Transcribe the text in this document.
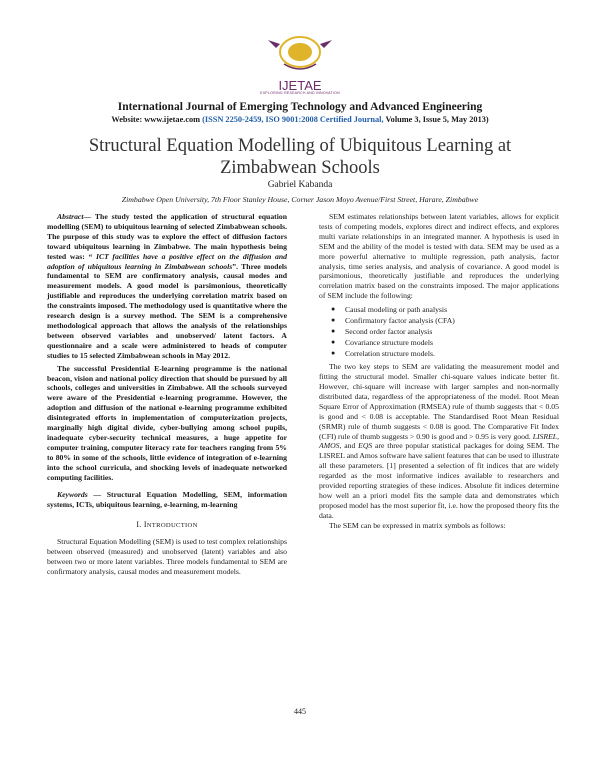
IJETAE
EXPLORING RESEARCH AND INNOVATION
International Journal of Emerging Technology and Advanced Engineering
Website: www.ijetae.com (ISSN 2250-2459, ISO 9001:2008 Certified Journal, Volume 3, Issue 5, May 2013)
Structural Equation Modelling of Ubiquitous Learning at Zimbabwean Schools
Gabriel Kabanda
Zimbabwe Open University, 7th Floor Stanley House, Corner Jason Moyo Avenue/First Street, Harare, Zimbabwe

Abstract— The study tested the application of structural equation modelling (SEM) to ubiquitous learning of selected Zimbabwean schools. The purpose of this study was to explore the effect of diffusion factors toward ubiquitous learning in Zimbabwe. The main hypothesis being tested was: “ ICT facilities have a positive effect on the diffusion and adoption of ubiquitous learning in Zimbabwean schools”. Three models fundamental to SEM are confirmatory analysis, causal modes and measurement models. A good model is parsimonious, theoretically justifiable and reproduces the underlying correlation matrix based on the constraints imposed. The methodology used is quantitative where the research design is a survey method. The SEM is a comprehensive methodological approach that allows the analysis of the relationships between observed variables and unobserved/ latent factors. A questionnaire and a scale were administered to heads of computer studies to 15 selected Zimbabwean schools in May 2012.

The successful Presidential E-learning programme is the national beacon, vision and national policy direction that should be pursued by all schools, colleges and universities in Zimbabwe. All the schools surveyed were aware of the Presidential e-learning programme. However, the adoption and diffusion of the national e-learning programme exhibited disintegrated efforts in implementation of computerization projects, marginally high digital divide, cyber-bullying among school pupils, inadequate cyber-security technical measures, a huge appetite for computer training, computer literacy rate for teachers ranging from 5% to 80% in some of the schools, little evidence of integration of e-learning into the school curricula, and shocking levels of inadequate networked computing facilities.

Keywords — Structural Equation Modelling, SEM, information systems, ICTs, ubiquitous learning, e-learning, m-learning

I. INTRODUCTION

Structural Equation Modelling (SEM) is used to test complex relationships between observed (measured) and unobserved (latent) variables and also between two or more latent variables. Three models fundamental to SEM are confirmatory analysis, causal modes and measurement models.

SEM estimates relationships between latent variables, allows for explicit tests of competing models, explores direct and indirect effects, and explores multi variate relationships in an integrated manner. A hypothesis is used in SEM and the ability of the model is tested with data. SEM may be used as a more powerful alternative to multiple regression, path analysis, factor analysis, time series analysis, and analysis of covariance. A good model is parsimonious, theoretically justifiable and reproduces the underlying correlation matrix based on the constraints imposed. The major applications of SEM include the following:

● Causal modeling or path analysis
● Confirmatory factor analysis (CFA)
● Second order factor analysis
● Covariance structure models
● Correlation structure models.

The two key steps to SEM are validating the measurement model and fitting the structural model. Smaller chi-square values indicate better fit. However, chi-square will increase with larger samples and non-normally distributed data, regardless of the appropriateness of the model. Root Mean Square Error of Approximation (RMSEA) rule of thumb suggests that < 0.05 is good and < 0.08 is acceptable. The Standardised Root Mean Residual (SRMR) rule of thumb suggests < 0.08 is good. The Comparative Fit Index (CFI) rule of thumb suggests > 0.90 is good and > 0.95 is very good. LISREL, AMOS, and EQS are three popular statistical packages for doing SEM. The LISREL and Amos software have salient features that can be used to illustrate all these parameters. [1] presented a selection of fit indices that are widely regarded as the most informative indices available to researchers and provided reporting strategies of these indices. Absolute fit indices determine how well an a priori model fits the sample data and demonstrates which proposed model has the most superior fit, i.e. how the proposed theory fits the data.

The SEM can be expressed in matrix symbols as follows:

445
